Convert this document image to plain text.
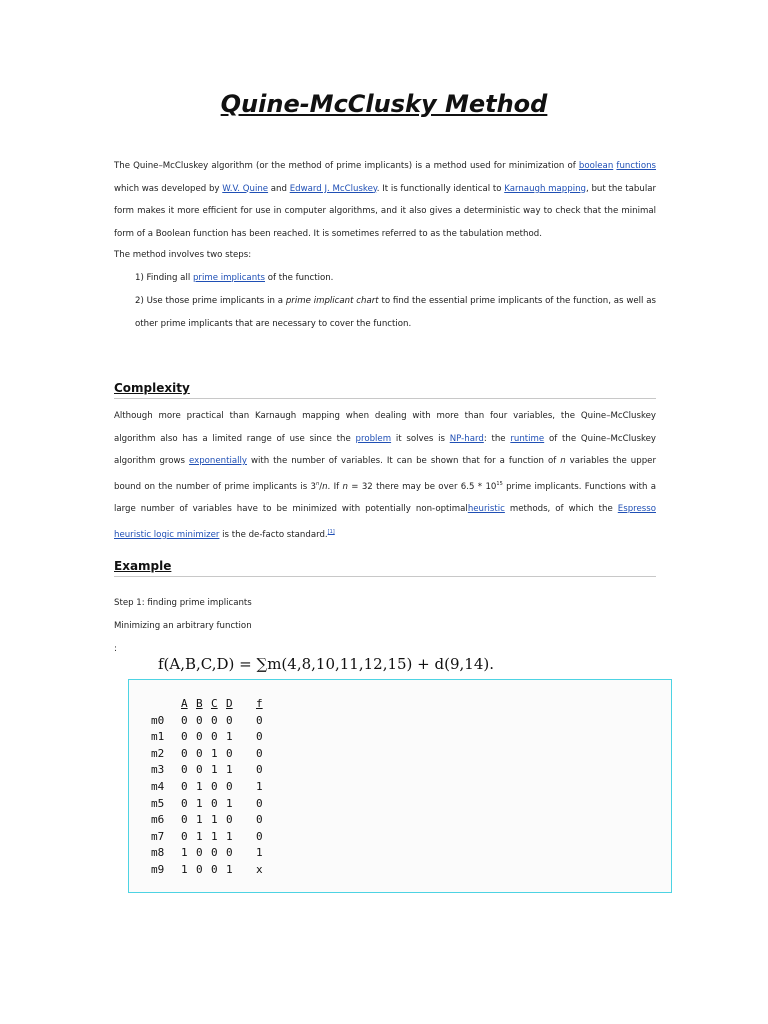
Quine-McClusky Method
The Quine–McCluskey algorithm (or the method of prime implicants) is a method used for minimization of boolean functions which was developed by W.V. Quine and Edward J. McCluskey. It is functionally identical to Karnaugh mapping, but the tabular form makes it more efficient for use in computer algorithms, and it also gives a deterministic way to check that the minimal form of a Boolean function has been reached. It is sometimes referred to as the tabulation method.
The method involves two steps:
1) Finding all prime implicants of the function.
2) Use those prime implicants in a prime implicant chart to find the essential prime implicants of the function, as well as other prime implicants that are necessary to cover the function.
Complexity
Although more practical than Karnaugh mapping when dealing with more than four variables, the Quine–McCluskey algorithm also has a limited range of use since the problem it solves is NP-hard: the runtime of the Quine–McCluskey algorithm grows exponentially with the number of variables. It can be shown that for a function of n variables the upper bound on the number of prime implicants is 3$^n$/n. If n = 32 there may be over $6.5 * 10^{15}$ prime implicants. Functions with a large number of variables have to be minimized with potentially non-optimalheuristic methods, of which the Espresso heuristic logic minimizer is the de-facto standard.[1]
Example
Step 1: finding prime implicants
Minimizing an arbitrary function
:
f(A,B,C,D) = ∑m(4,8,10,11,12,15) + d(9,14).
A B C D	f
m0	0 0 0 0	0
m1	0 0 0 1	0
m2	0 0 1 0	0
m3	0 0 1 1	0
m4	0 1 0 0	1
m5	0 1 0 1	0
m6	0 1 1 0	0
m7	0 1 1 1	0
m8	1 0 0 0	1
m9	1 0 0 1	x
